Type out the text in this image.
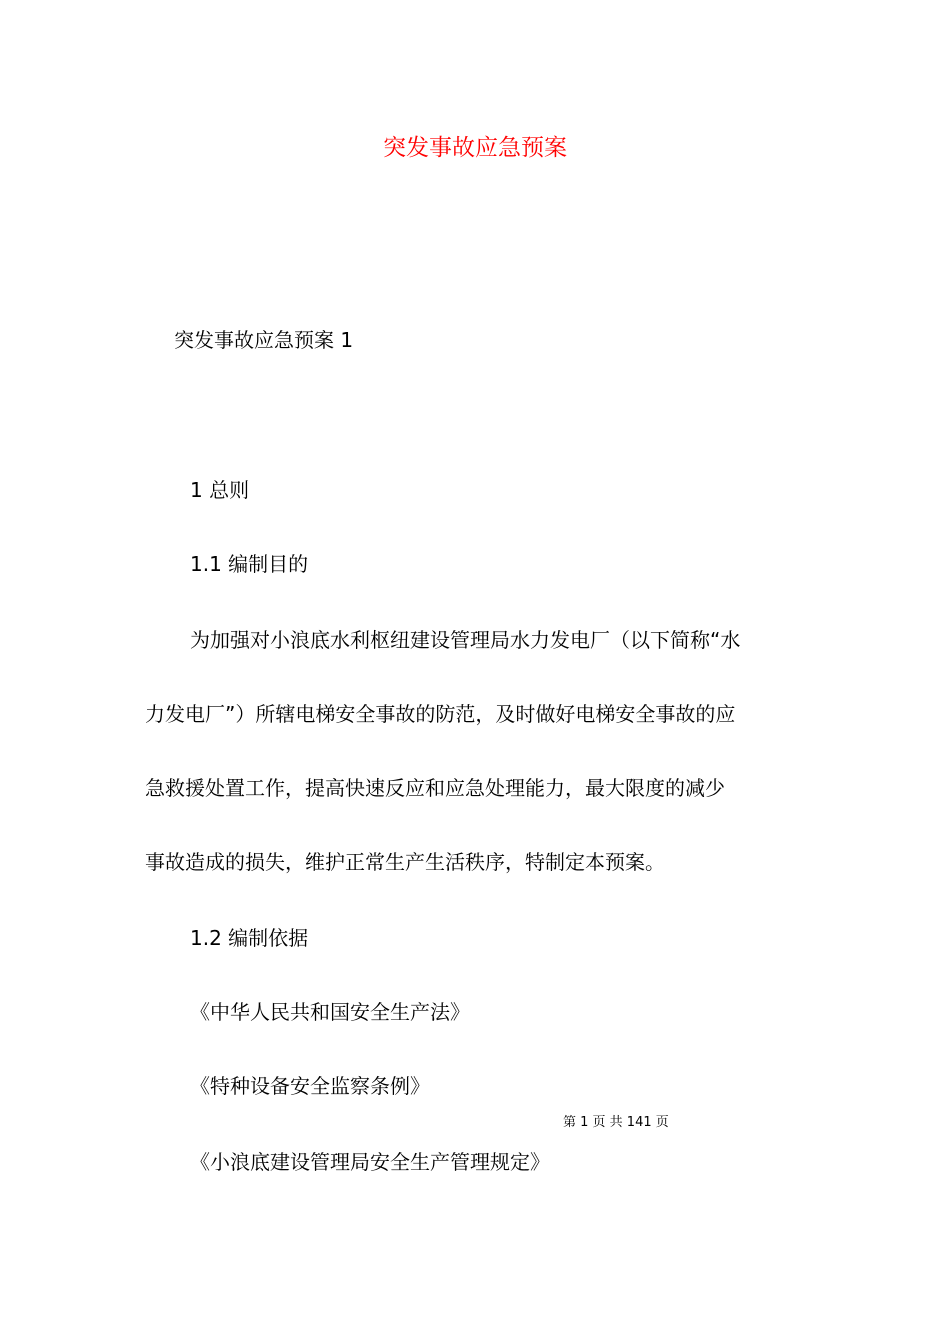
突发事故应急预案

突发事故应急预案 1

1 总则

1.1 编制目的

为加强对小浪底水利枢纽建设管理局水力发电厂（以下简称“水

力发电厂”）所辖电梯安全事故的防范，及时做好电梯安全事故的应

急救援处置工作，提高快速反应和应急处理能力，最大限度的减少

事故造成的损失，维护正常生产生活秩序，特制定本预案。

1.2 编制依据

《中华人民共和国安全生产法》

《特种设备安全监察条例》

第 1 页 共 141 页

《小浪底建设管理局安全生产管理规定》
